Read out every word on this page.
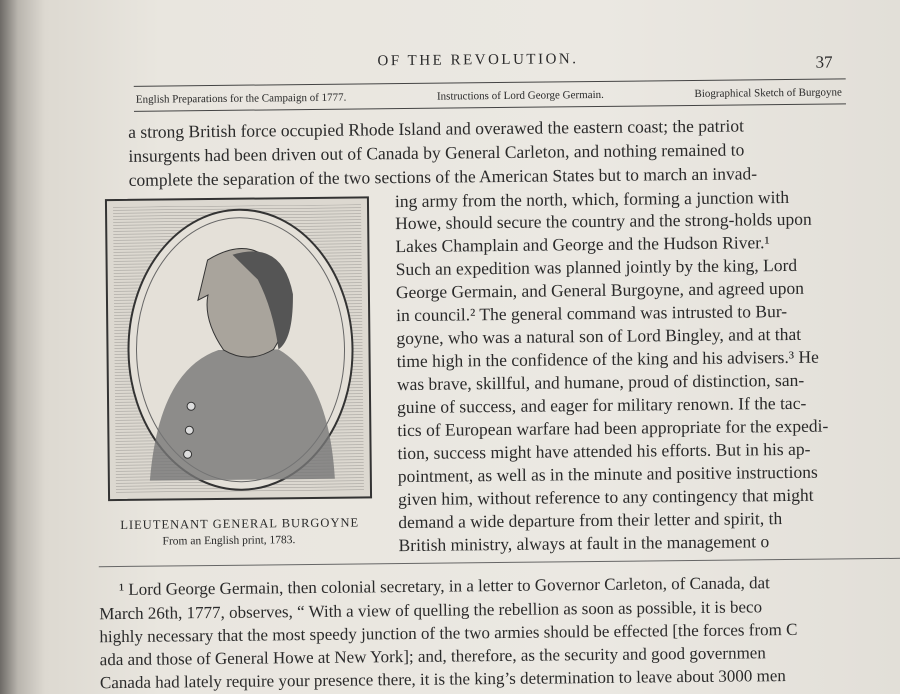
OF THE REVOLUTION.	37
English Preparations for the Campaign of 1777.	Instructions of Lord George Germain.	Biographical Sketch of Burgoyne
a strong British force occupied Rhode Island and overawed the eastern coast; the patriot
insurgents had been driven out of Canada by General Carleton, and nothing remained to
complete the separation of the two sections of the American States but to march an invad-
LIEUTENANT GENERAL BURGOYNE
From an English print, 1783.
ing army from the north, which, forming a junction with
Howe, should secure the country and the strong-holds upon
Lakes Champlain and George and the Hudson River.¹
Such an expedition was planned jointly by the king, Lord
George Germain, and General Burgoyne, and agreed upon
in council.² The general command was intrusted to Bur-
goyne, who was a natural son of Lord Bingley, and at that
time high in the confidence of the king and his advisers.³ He
was brave, skillful, and humane, proud of distinction, san-
guine of success, and eager for military renown. If the tac-
tics of European warfare had been appropriate for the expedi-
tion, success might have attended his efforts. But in his ap-
pointment, as well as in the minute and positive instructions
given him, without reference to any contingency that might
demand a wide departure from their letter and spirit, th
British ministry, always at fault in the management o
¹ Lord George Germain, then colonial secretary, in a letter to Governor Carleton, of Canada, dat
March 26th, 1777, observes, “ With a view of quelling the rebellion as soon as possible, it is beco
highly necessary that the most speedy junction of the two armies should be effected [the forces from C
ada and those of General Howe at New York]; and, therefore, as the security and good governmen
Canada had lately require your presence there, it is the king’s determination to leave about 3000 men
